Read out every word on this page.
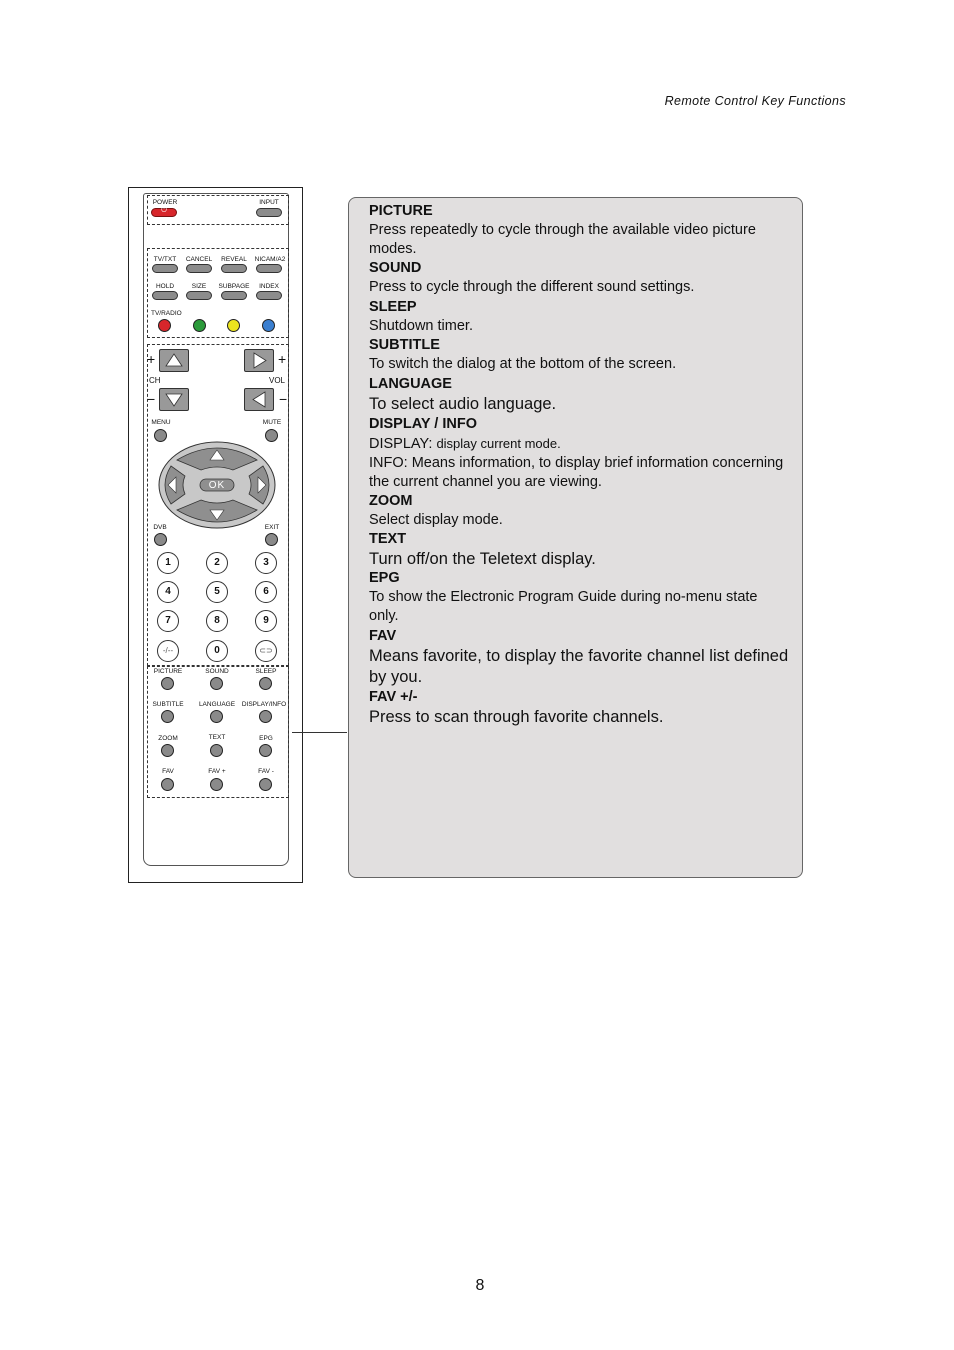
Remote Control Key Functions
POWER	INPUT
⏻
TV/TXT CANCEL REVEAL NICAM/A2
HOLD	SIZE SUBPAGE INDEX
TV/RADIO
+	+
−	−
CH	VOL
MENU	MUTE
OK
DVB	EXIT
1	2	3
4	5	6
7	8	9
-/--	0	⊂⊃
PICTURE	SOUND	SLEEP
SUBTITLE LANGUAGE DISPLAY/INFO
ZOOM	TEXT	EPG
FAV	FAV +	FAV -
PICTURE
Press repeatedly to cycle through the available video picture modes.
SOUND
Press to cycle through the different sound settings.
SLEEP
Shutdown timer.
SUBTITLE
To switch the dialog at the bottom of the screen.
LANGUAGE
To select audio language.
DISPLAY / INFO
DISPLAY: display current mode.
INFO: Means information, to display brief information concerning the current channel you are viewing.
ZOOM
Select display mode.
TEXT
Turn off/on the Teletext display.
EPG
To show the Electronic Program Guide during no-menu state only.
FAV
Means favorite, to display the favorite channel list defined by you.
FAV +/-
Press to scan through favorite channels.
8
